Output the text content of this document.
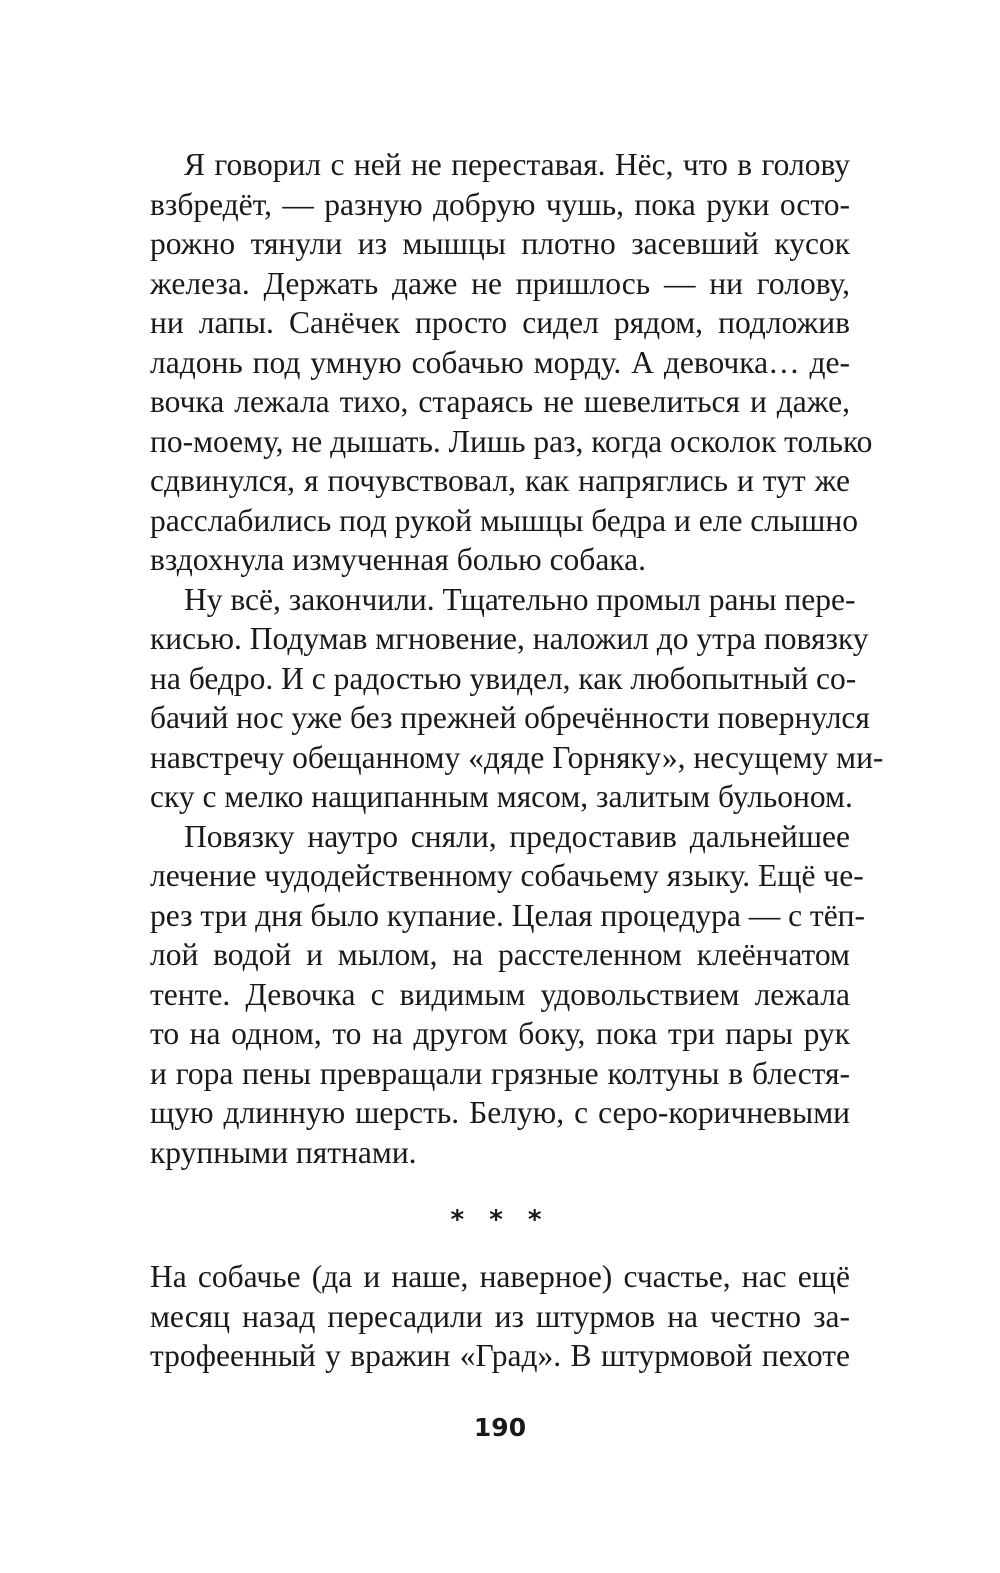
Я говорил с ней не переставая. Нёс, что в голову
взбредёт, — разную добрую чушь, пока руки осто-
рожно тянули из мышцы плотно засевший кусок
железа. Держать даже не пришлось — ни голову,
ни лапы. Санёчек просто сидел рядом, подложив
ладонь под умную собачью морду. А девочка… де-
вочка лежала тихо, стараясь не шевелиться и даже,
по-моему, не дышать. Лишь раз, когда осколок только
сдвинулся, я почувствовал, как напряглись и тут же
расслабились под рукой мышцы бедра и еле слышно
вздохнула измученная болью собака.
Ну всё, закончили. Тщательно промыл раны пере-
кисью. Подумав мгновение, наложил до утра повязку
на бедро. И с радостью увидел, как любопытный со-
бачий нос уже без прежней обречённости повернулся
навстречу обещанному «дяде Горняку», несущему ми-
ску с мелко нащипанным мясом, залитым бульоном.
Повязку наутро сняли, предоставив дальнейшее
лечение чудодейственному собачьему языку. Ещё че-
рез три дня было купание. Целая процедура — с тёп-
лой водой и мылом, на расстеленном клеёнчатом
тенте. Девочка с видимым удовольствием лежала
то на одном, то на другом боку, пока три пары рук
и гора пены превращали грязные колтуны в блестя-
щую длинную шерсть. Белую, с серо-коричневыми
крупными пятнами.
* * *
На собачье (да и наше, наверное) счастье, нас ещё
месяц назад пересадили из штурмов на честно за-
трофеенный у вражин «Град». В штурмовой пехоте
190
